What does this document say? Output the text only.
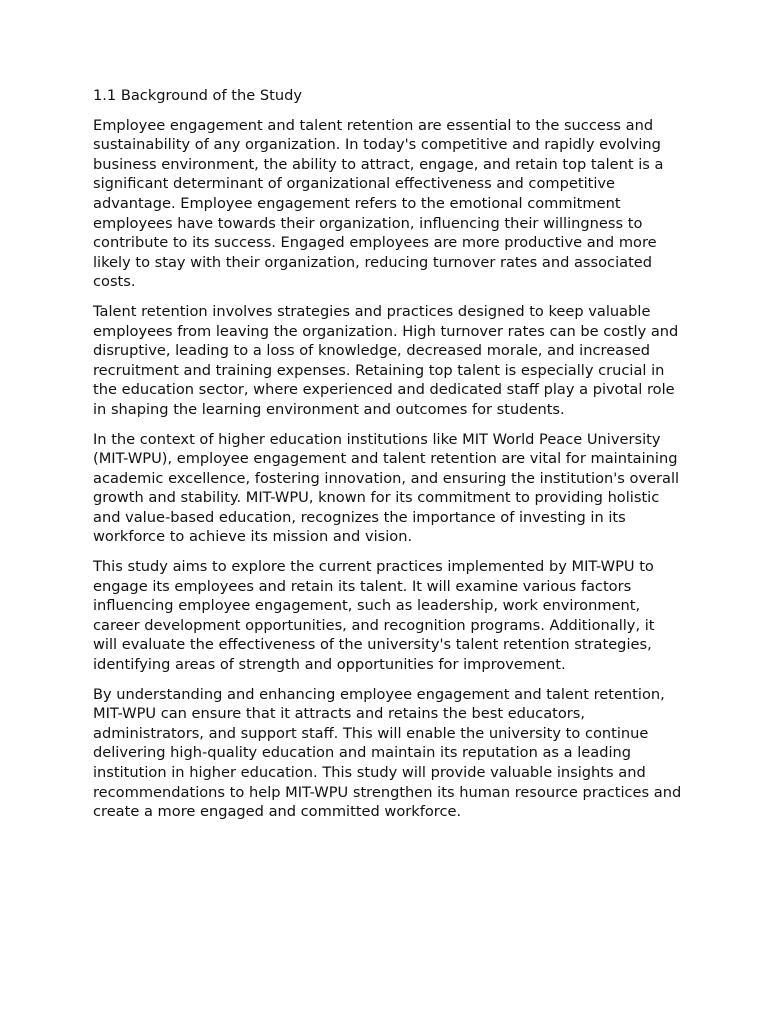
1.1 Background of the Study

Employee engagement and talent retention are essential to the success and sustainability of any organization. In today's competitive and rapidly evolving business environment, the ability to attract, engage, and retain top talent is a significant determinant of organizational effectiveness and competitive advantage. Employee engagement refers to the emotional commitment employees have towards their organization, influencing their willingness to contribute to its success. Engaged employees are more productive and more likely to stay with their organization, reducing turnover rates and associated costs.

Talent retention involves strategies and practices designed to keep valuable employees from leaving the organization. High turnover rates can be costly and disruptive, leading to a loss of knowledge, decreased morale, and increased recruitment and training expenses. Retaining top talent is especially crucial in the education sector, where experienced and dedicated staff play a pivotal role in shaping the learning environment and outcomes for students.

In the context of higher education institutions like MIT World Peace University (MIT-WPU), employee engagement and talent retention are vital for maintaining academic excellence, fostering innovation, and ensuring the institution's overall growth and stability. MIT-WPU, known for its commitment to providing holistic and value-based education, recognizes the importance of investing in its workforce to achieve its mission and vision.

This study aims to explore the current practices implemented by MIT-WPU to engage its employees and retain its talent. It will examine various factors influencing employee engagement, such as leadership, work environment, career development opportunities, and recognition programs. Additionally, it will evaluate the effectiveness of the university's talent retention strategies, identifying areas of strength and opportunities for improvement.

By understanding and enhancing employee engagement and talent retention, MIT-WPU can ensure that it attracts and retains the best educators, administrators, and support staff. This will enable the university to continue delivering high-quality education and maintain its reputation as a leading institution in higher education. This study will provide valuable insights and recommendations to help MIT-WPU strengthen its human resource practices and create a more engaged and committed workforce.
